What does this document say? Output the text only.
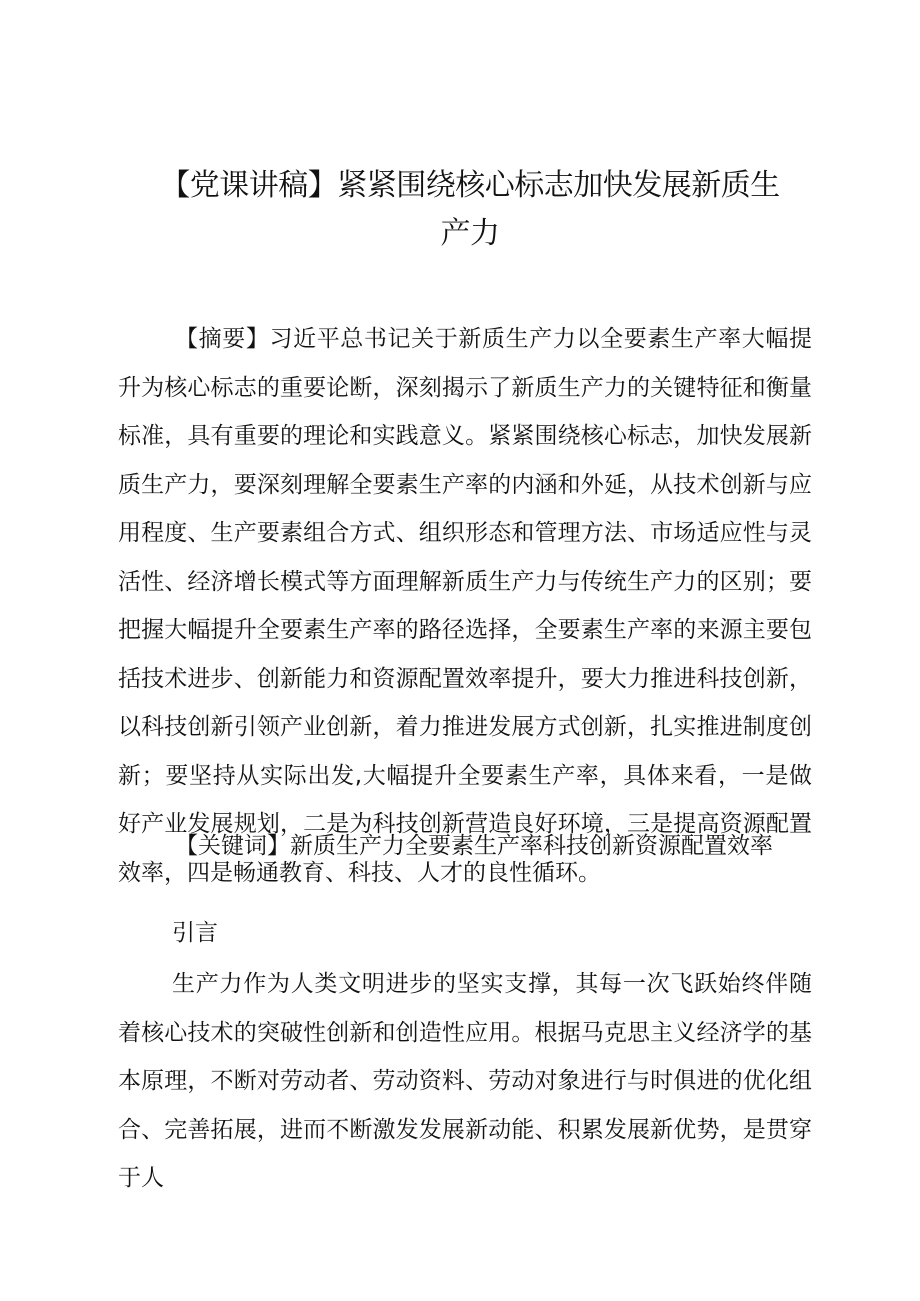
【党课讲稿】紧紧围绕核心标志加快发展新质生产力

【摘要】习近平总书记关于新质生产力以全要素生产率大幅提升为核心标志的重要论断，深刻揭示了新质生产力的关键特征和衡量标准，具有重要的理论和实践意义。紧紧围绕核心标志，加快发展新质生产力，要深刻理解全要素生产率的内涵和外延，从技术创新与应用程度、生产要素组合方式、组织形态和管理方法、市场适应性与灵活性、经济增长模式等方面理解新质生产力与传统生产力的区别；要把握大幅提升全要素生产率的路径选择，全要素生产率的来源主要包括技术进步、创新能力和资源配置效率提升，要大力推进科技创新，以科技创新引领产业创新，着力推进发展方式创新，扎实推进制度创新；要坚持从实际出发,大幅提升全要素生产率，具体来看，一是做好产业发展规划，二是为科技创新营造良好环境，三是提高资源配置效率，四是畅通教育、科技、人才的良性循环。

【关键词】新质生产力全要素生产率科技创新资源配置效率

引言

生产力作为人类文明进步的坚实支撑，其每一次飞跃始终伴随着核心技术的突破性创新和创造性应用。根据马克思主义经济学的基本原理，不断对劳动者、劳动资料、劳动对象进行与时俱进的优化组合、完善拓展，进而不断激发发展新动能、积累发展新优势，是贯穿于人
